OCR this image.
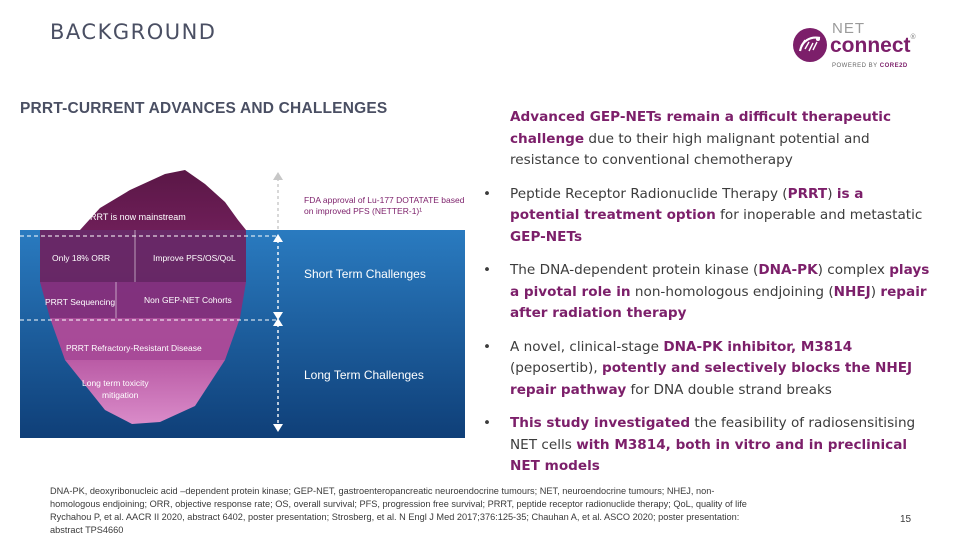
BACKGROUND	NET
connect®
POWERED BY CORE2D
PRRT-CURRENT ADVANCES AND CHALLENGES
PRRT is now mainstream
Only 18% ORR	Improve PFS/OS/QoL
PRRT Sequencing	Non GEP-NET Cohorts
PRRT Refractory-Resistant Disease
Long term toxicity
mitigation
FDA approval of Lu-177 DOTATATE based
on improved PFS (NETTER-1)¹
Short Term Challenges
Long Term Challenges

Advanced GEP-NETs remain a difficult therapeutic challenge due to their high malignant potential and resistance to conventional chemotherapy

• Peptide Receptor Radionuclide Therapy (PRRT) is a potential treatment option for inoperable and metastatic GEP-NETs
• The DNA-dependent protein kinase (DNA-PK) complex plays a pivotal role in non-homologous endjoining (NHEJ) repair after radiation therapy
• A novel, clinical-stage DNA-PK inhibitor, M3814 (peposertib), potently and selectively blocks the NHEJ repair pathway for DNA double strand breaks
• This study investigated the feasibility of radiosensitising NET cells with M3814, both in vitro and in preclinical NET models
DNA-PK, deoxyribonucleic acid –dependent protein kinase; GEP-NET, gastroenteropancreatic neuroendocrine tumours; NET, neuroendocrine tumours; NHEJ, non-
homologous endjoining; ORR, objective response rate; OS, overall survival; PFS, progression free survival; PRRT, peptide receptor radionuclide therapy; QoL, quality of life
Rychahou P, et al. AACR II 2020, abstract 6402, poster presentation; Strosberg, et al. N Engl J Med 2017;376:125-35; Chauhan A, et al. ASCO 2020; poster presentation:
abstract TPS4660
15
